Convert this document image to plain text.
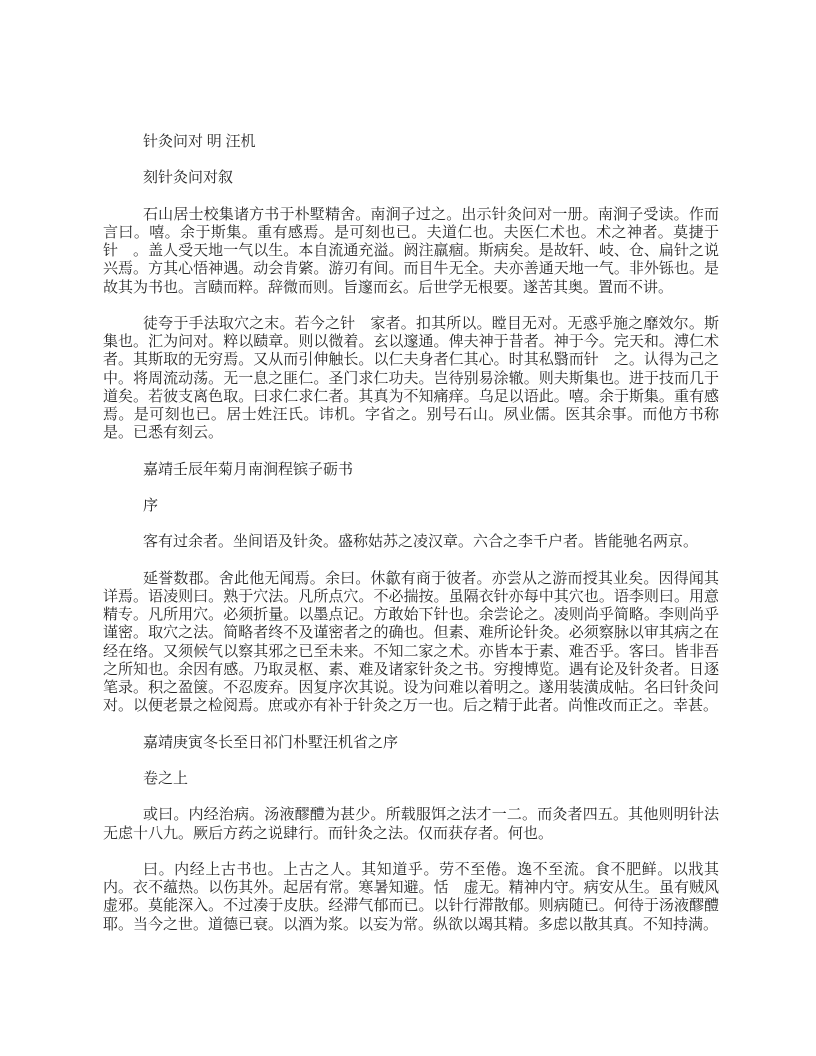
针灸问对 明 汪机

刻针灸问对叙

石山居士校集诸方书于朴墅精舍。南涧子过之。出示针灸问对一册。南涧子受读。作而言曰。嘻。余于斯集。重有感焉。是可刻也已。夫道仁也。夫医仁术也。术之神者。莫捷于针　。盖人受天地一气以生。本自流通充溢。阏注羸痼。斯病矣。是故轩、岐、仓、扁针之说兴焉。方其心悟神遇。动会肯綮。游刃有间。而目牛无全。夫亦善通天地一气。非外铄也。是故其为书也。言赜而粹。辞微而则。旨邃而玄。后世学无根要。遂苦其奥。置而不讲。

徒夸于手法取穴之末。若今之针　家者。扣其所以。瞠目无对。无惑乎施之靡效尔。斯集也。汇为问对。粹以赜章。则以微着。玄以邃通。俾夫神于昔者。神于今。完天和。溥仁术者。其斯取的无穷焉。又从而引伸触长。以仁夫身者仁其心。时其私翳而针　之。认得为己之中。将周流动荡。无一息之匪仁。圣门求仁功夫。岂待别易涂辙。则夫斯集也。进于技而几于道矣。若彼支离色取。曰求仁求仁者。其真为不知痛痒。乌足以语此。嘻。余于斯集。重有感焉。是可刻也已。居士姓汪氏。讳机。字省之。别号石山。夙业儒。医其余事。而他方书称是。已悉有刻云。

嘉靖壬辰年菊月南涧程镔子砺书

序

客有过余者。坐间语及针灸。盛称姑苏之凌汉章。六合之李千户者。皆能驰名两京。

延誉数郡。舍此他无闻焉。余曰。休歙有商于彼者。亦尝从之游而授其业矣。因得闻其详焉。语凌则曰。熟于穴法。凡所点穴。不必揣按。虽隔衣针亦每中其穴也。语李则曰。用意精专。凡所用穴。必须折量。以墨点记。方敢始下针也。余尝论之。凌则尚乎简略。李则尚乎谨密。取穴之法。简略者终不及谨密者之的确也。但素、难所论针灸。必须察脉以审其病之在经在络。又须候气以察其邪之已至未来。不知二家之术。亦皆本于素、难否乎。客曰。皆非吾之所知也。余因有感。乃取灵枢、素、难及诸家针灸之书。穷搜博览。遇有论及针灸者。日逐笔录。积之盈箧。不忍废弃。因复序次其说。设为问难以着明之。遂用装潢成帖。名曰针灸问对。以便老景之检阅焉。庶或亦有补于针灸之万一也。后之精于此者。尚惟改而正之。幸甚。

嘉靖庚寅冬长至日祁门朴墅汪机省之序

卷之上

或曰。内经治病。汤液醪醴为甚少。所载服饵之法才一二。而灸者四五。其他则明针法无虑十八九。厥后方药之说肆行。而针灸之法。仅而获存者。何也。

曰。内经上古书也。上古之人。其知道乎。劳不至倦。逸不至流。食不肥鲜。以戕其内。衣不蕴热。以伤其外。起居有常。寒暑知避。恬　虚无。精神内守。病安从生。虽有贼风虚邪。莫能深入。不过凑于皮肤。经滞气郁而已。以针行滞散郁。则病随已。何待于汤液醪醴耶。当今之世。道德已衰。以酒为浆。以妄为常。纵欲以竭其精。多虑以散其真。不知持满。
